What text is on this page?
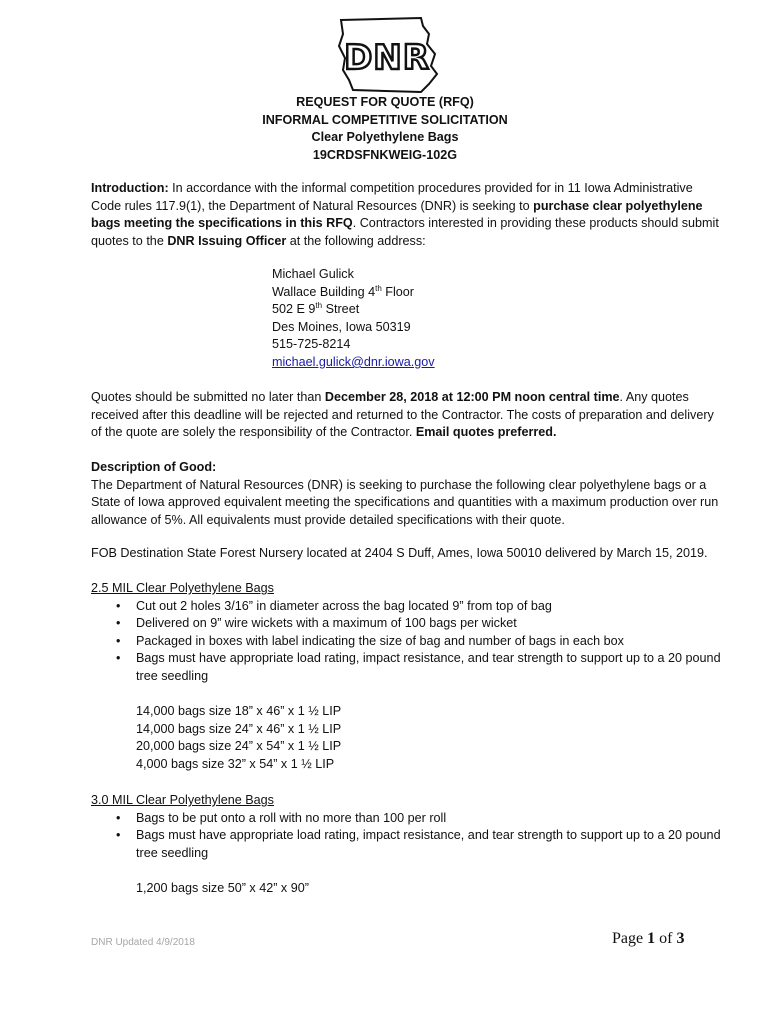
DNR
REQUEST FOR QUOTE (RFQ)
INFORMAL COMPETITIVE SOLICITATION
Clear Polyethylene Bags
19CRDSFNKWEIG-102G

Introduction: In accordance with the informal competition procedures provided for in 11 Iowa Administrative Code rules 117.9(1), the Department of Natural Resources (DNR) is seeking to purchase clear polyethylene bags meeting the specifications in this RFQ. Contractors interested in providing these products should submit quotes to the DNR Issuing Officer at the following address:

Michael Gulick
Wallace Building 4th Floor
502 E 9th Street
Des Moines, Iowa 50319
515-725-8214
michael.gulick@dnr.iowa.gov

Quotes should be submitted no later than December 28, 2018 at 12:00 PM noon central time. Any quotes received after this deadline will be rejected and returned to the Contractor. The costs of preparation and delivery of the quote are solely the responsibility of the Contractor. Email quotes preferred.

Description of Good:
The Department of Natural Resources (DNR) is seeking to purchase the following clear polyethylene bags or a State of Iowa approved equivalent meeting the specifications and quantities with a maximum production over run allowance of 5%. All equivalents must provide detailed specifications with their quote.

FOB Destination State Forest Nursery located at 2404 S Duff, Ames, Iowa 50010 delivered by March 15, 2019.

2.5 MIL Clear Polyethylene Bags
• Cut out 2 holes 3/16” in diameter across the bag located 9” from top of bag
• Delivered on 9” wire wickets with a maximum of 100 bags per wicket
• Packaged in boxes with label indicating the size of bag and number of bags in each box
• Bags must have appropriate load rating, impact resistance, and tear strength to support up to a 20 pound tree seedling
14,000 bags size 18” x 46” x 1 ½ LIP
14,000 bags size 24” x 46” x 1 ½ LIP
20,000 bags size 24” x 54” x 1 ½ LIP
4,000 bags size 32” x 54” x 1 ½ LIP
3.0 MIL Clear Polyethylene Bags
• Bags to be put onto a roll with no more than 100 per roll
• Bags must have appropriate load rating, impact resistance, and tear strength to support up to a 20 pound tree seedling
1,200 bags size 50” x 42” x 90”
DNR Updated 4/9/2018	Page 1 of 3
